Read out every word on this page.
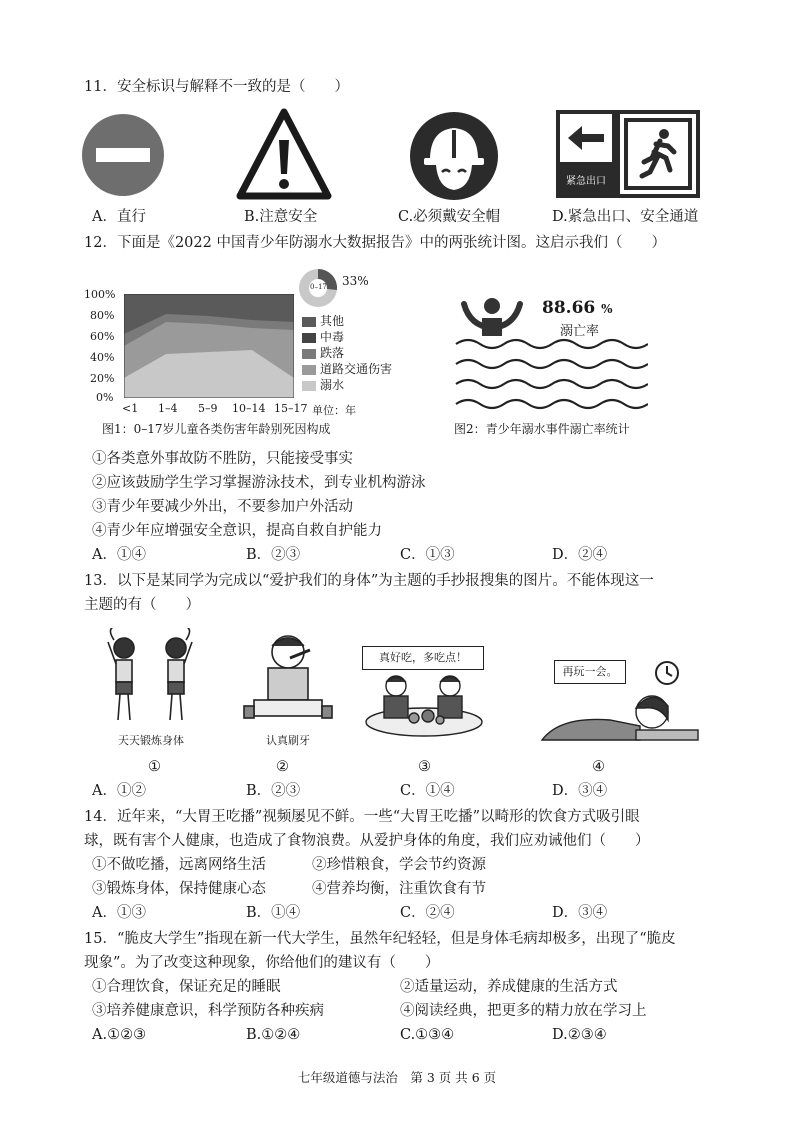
11．安全标识与解释不一致的是（　　）
紧急出口
A．直行	B.注意安全	C.必须戴安全帽	D.紧急出口、安全通道
12．下面是《2022 中国青少年防溺水大数据报告》中的两张统计图。这启示我们（　　）
100%
80%
60%
40%
20%
0%
<1 1–4 5–9 10–14 15–17 单位：年
0–17 33%
其他
中毒
跌落
道路交通伤害
溺水
图1：0–17岁儿童各类伤害年龄别死因构成
88.66 %
溺亡率
图2：青少年溺水事件溺亡率统计
①各类意外事故防不胜防，只能接受事实
②应该鼓励学生学习掌握游泳技术，到专业机构游泳
③青少年要减少外出，不要参加户外活动
④青少年应增强安全意识，提高自救自护能力
A．①④	B．②③	C．①③	D．②④
13．以下是某同学为完成以“爱护我们的身体”为主题的手抄报搜集的图片。不能体现这一
主题的有（　　）
天天锻炼身体
①
认真刷牙
②
真好吃，多吃点！
③
再玩一会。
④
A．①②	B．②③	C．①④	D．③④
14．近年来，“大胃王吃播”视频屡见不鲜。一些“大胃王吃播”以畸形的饮食方式吸引眼
球，既有害个人健康，也造成了食物浪费。从爱护身体的角度，我们应劝诫他们（　　）
①不做吃播，远离网络生活	②珍惜粮食，学会节约资源
③锻炼身体，保持健康心态	④营养均衡，注重饮食有节
A．①③	B．①④	C．②④	D．③④
15．“脆皮大学生”指现在新一代大学生，虽然年纪轻轻，但是身体毛病却极多，出现了“脆皮
现象”。为了改变这种现象，你给他们的建议有（　　）
①合理饮食，保证充足的睡眠	②适量运动，养成健康的生活方式
③培养健康意识，科学预防各种疾病	④阅读经典，把更多的精力放在学习上
A.①②③	B.①②④	C.①③④	D.②③④
七年级道德与法治　第 3 页 共 6 页
